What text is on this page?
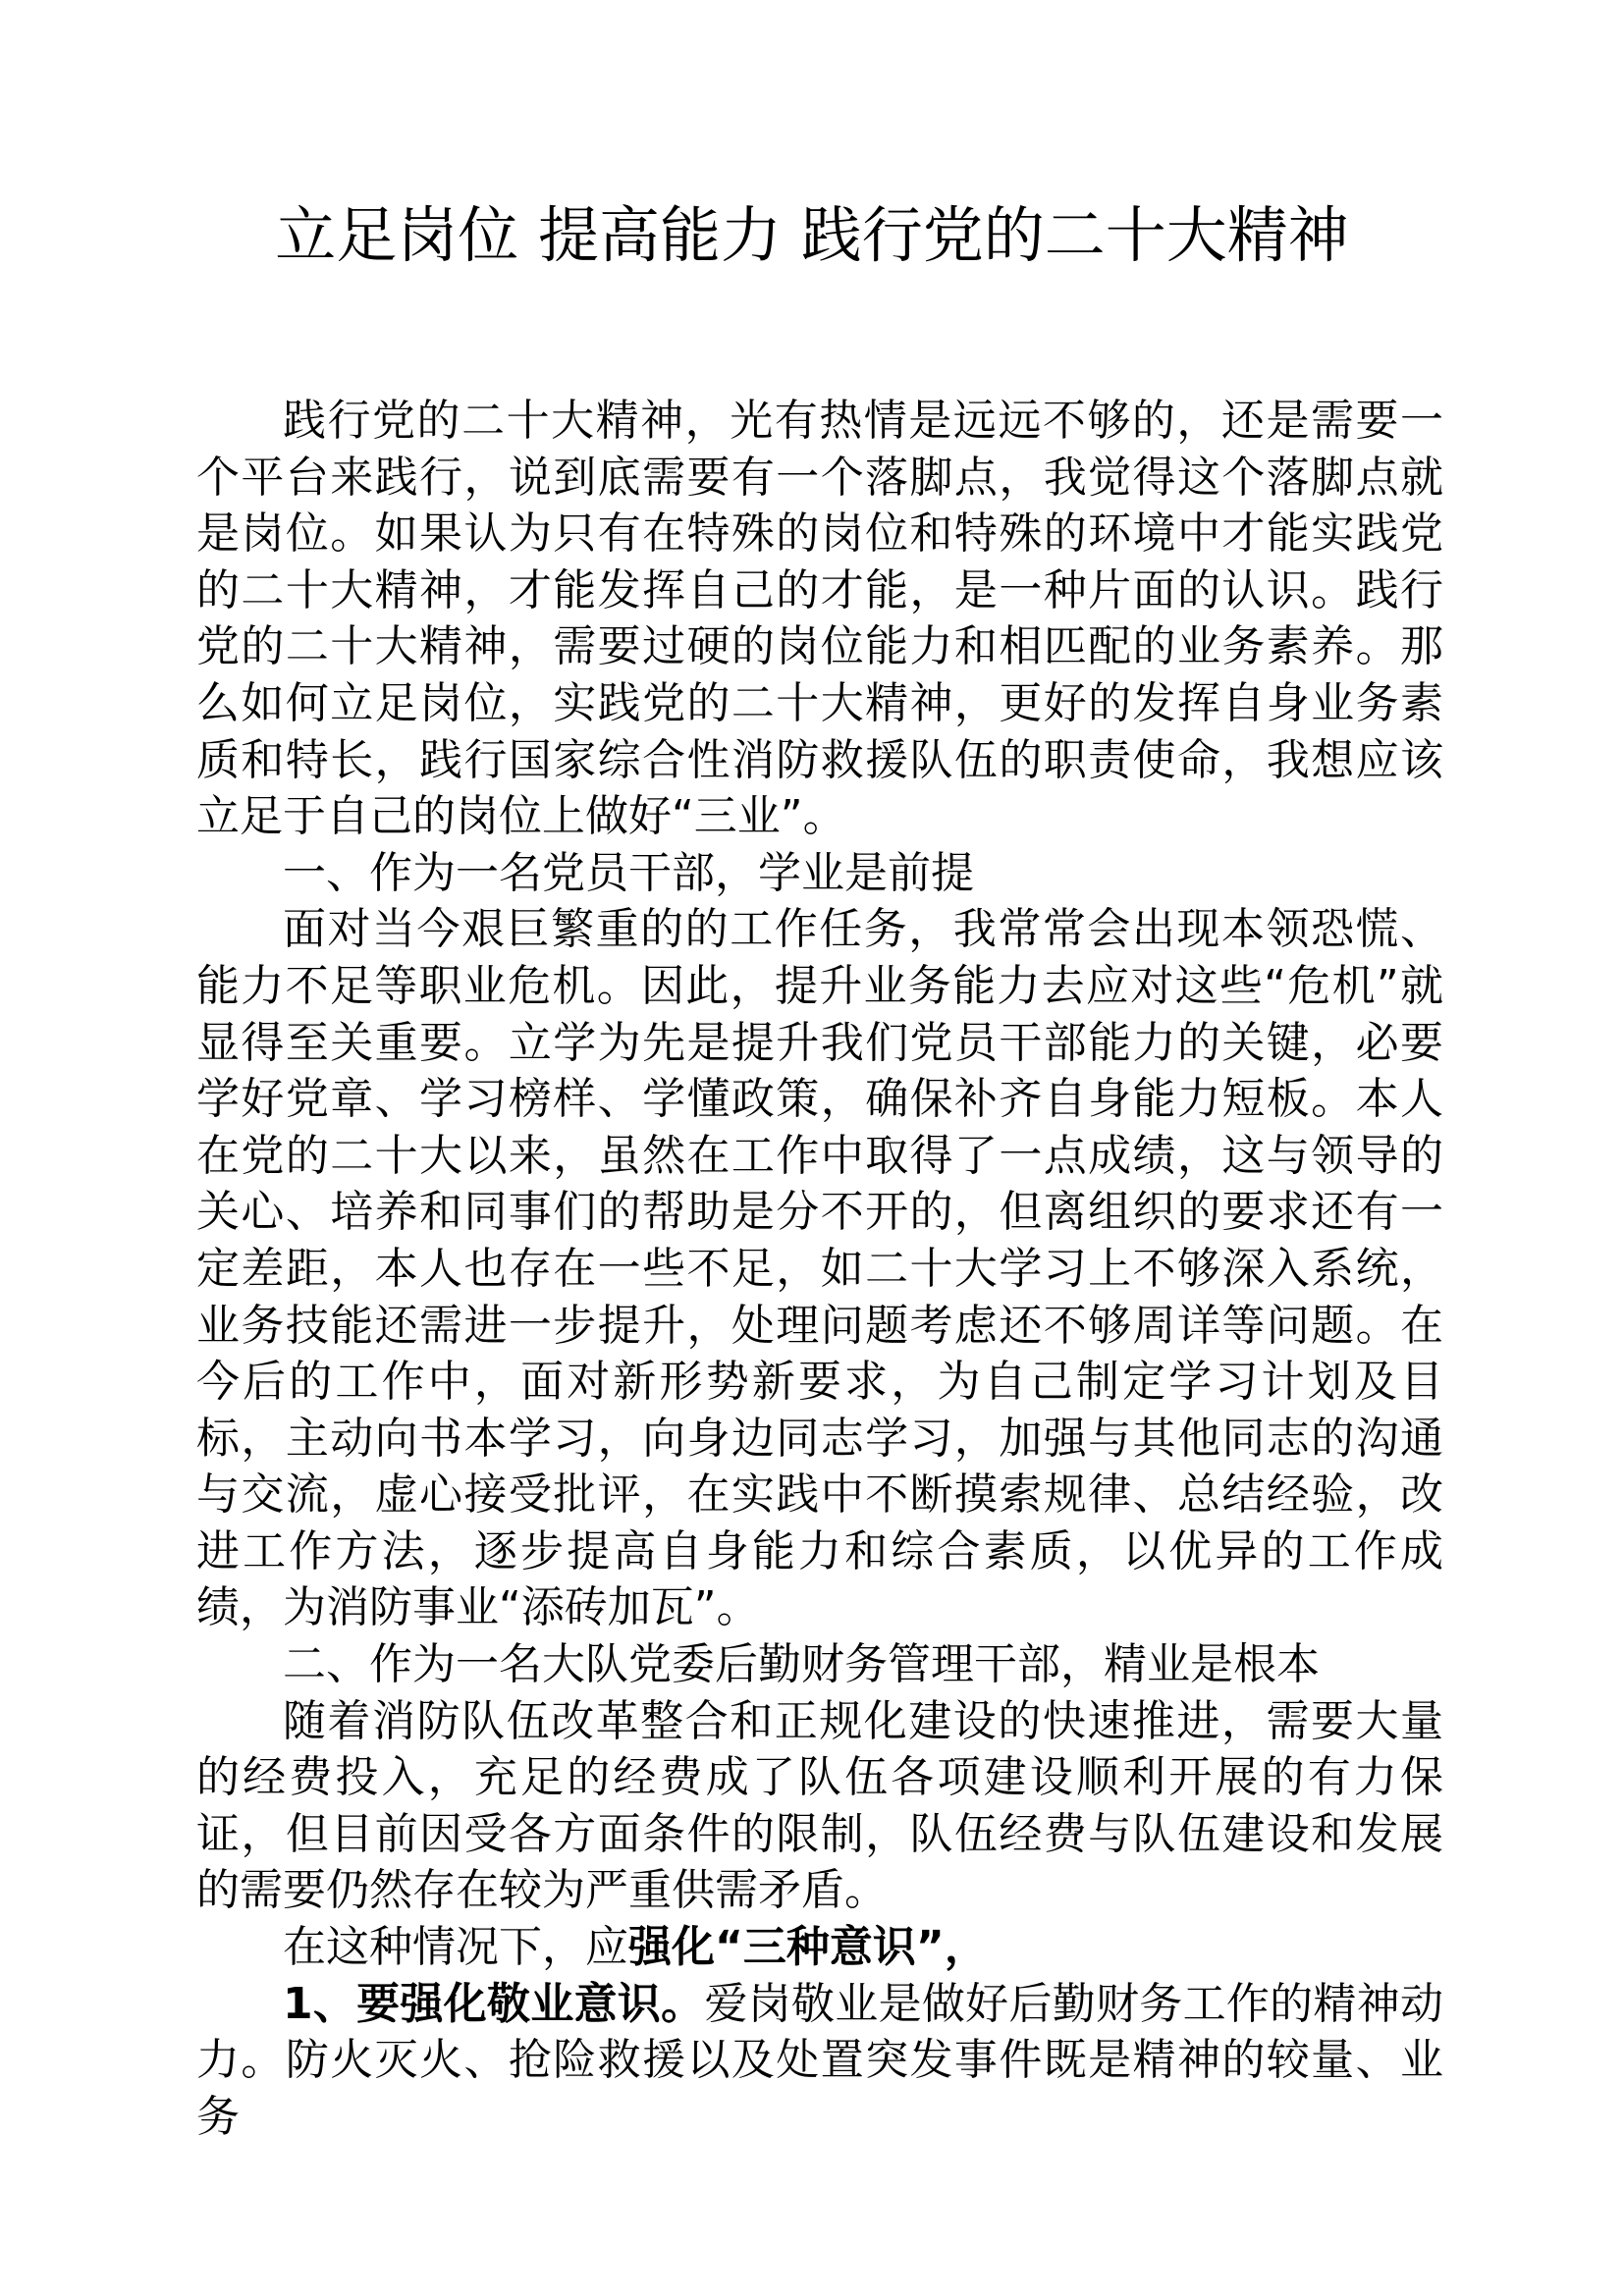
立足岗位 提高能力 践行党的二十大精神

践行党的二十大精神，光有热情是远远不够的，还是需要一个平台来践行，说到底需要有一个落脚点，我觉得这个落脚点就是岗位。如果认为只有在特殊的岗位和特殊的环境中才能实践党的二十大精神，才能发挥自己的才能，是一种片面的认识。践行党的二十大精神，需要过硬的岗位能力和相匹配的业务素养。那么如何立足岗位，实践党的二十大精神，更好的发挥自身业务素质和特长，践行国家综合性消防救援队伍的职责使命，我想应该立足于自己的岗位上做好“三业”。

一、作为一名党员干部，学业是前提

面对当今艰巨繁重的的工作任务，我常常会出现本领恐慌、能力不足等职业危机。因此，提升业务能力去应对这些“危机”就显得至关重要。立学为先是提升我们党员干部能力的关键，必要学好党章、学习榜样、学懂政策，确保补齐自身能力短板。本人在党的二十大以来，虽然在工作中取得了一点成绩，这与领导的关心、培养和同事们的帮助是分不开的，但离组织的要求还有一定差距，本人也存在一些不足，如二十大学习上不够深入系统，业务技能还需进一步提升，处理问题考虑还不够周详等问题。在今后的工作中，面对新形势新要求，为自己制定学习计划及目标，主动向书本学习，向身边同志学习，加强与其他同志的沟通与交流，虚心接受批评，在实践中不断摸索规律、总结经验，改进工作方法，逐步提高自身能力和综合素质，以优异的工作成绩，为消防事业“添砖加瓦”。

二、作为一名大队党委后勤财务管理干部，精业是根本

随着消防队伍改革整合和正规化建设的快速推进，需要大量的经费投入，充足的经费成了队伍各项建设顺利开展的有力保证，但目前因受各方面条件的限制，队伍经费与队伍建设和发展的需要仍然存在较为严重供需矛盾。

在这种情况下，应强化“三种意识”，

1、要强化敬业意识。爱岗敬业是做好后勤财务工作的精神动力。防火灭火、抢险救援以及处置突发事件既是精神的较量、业务
